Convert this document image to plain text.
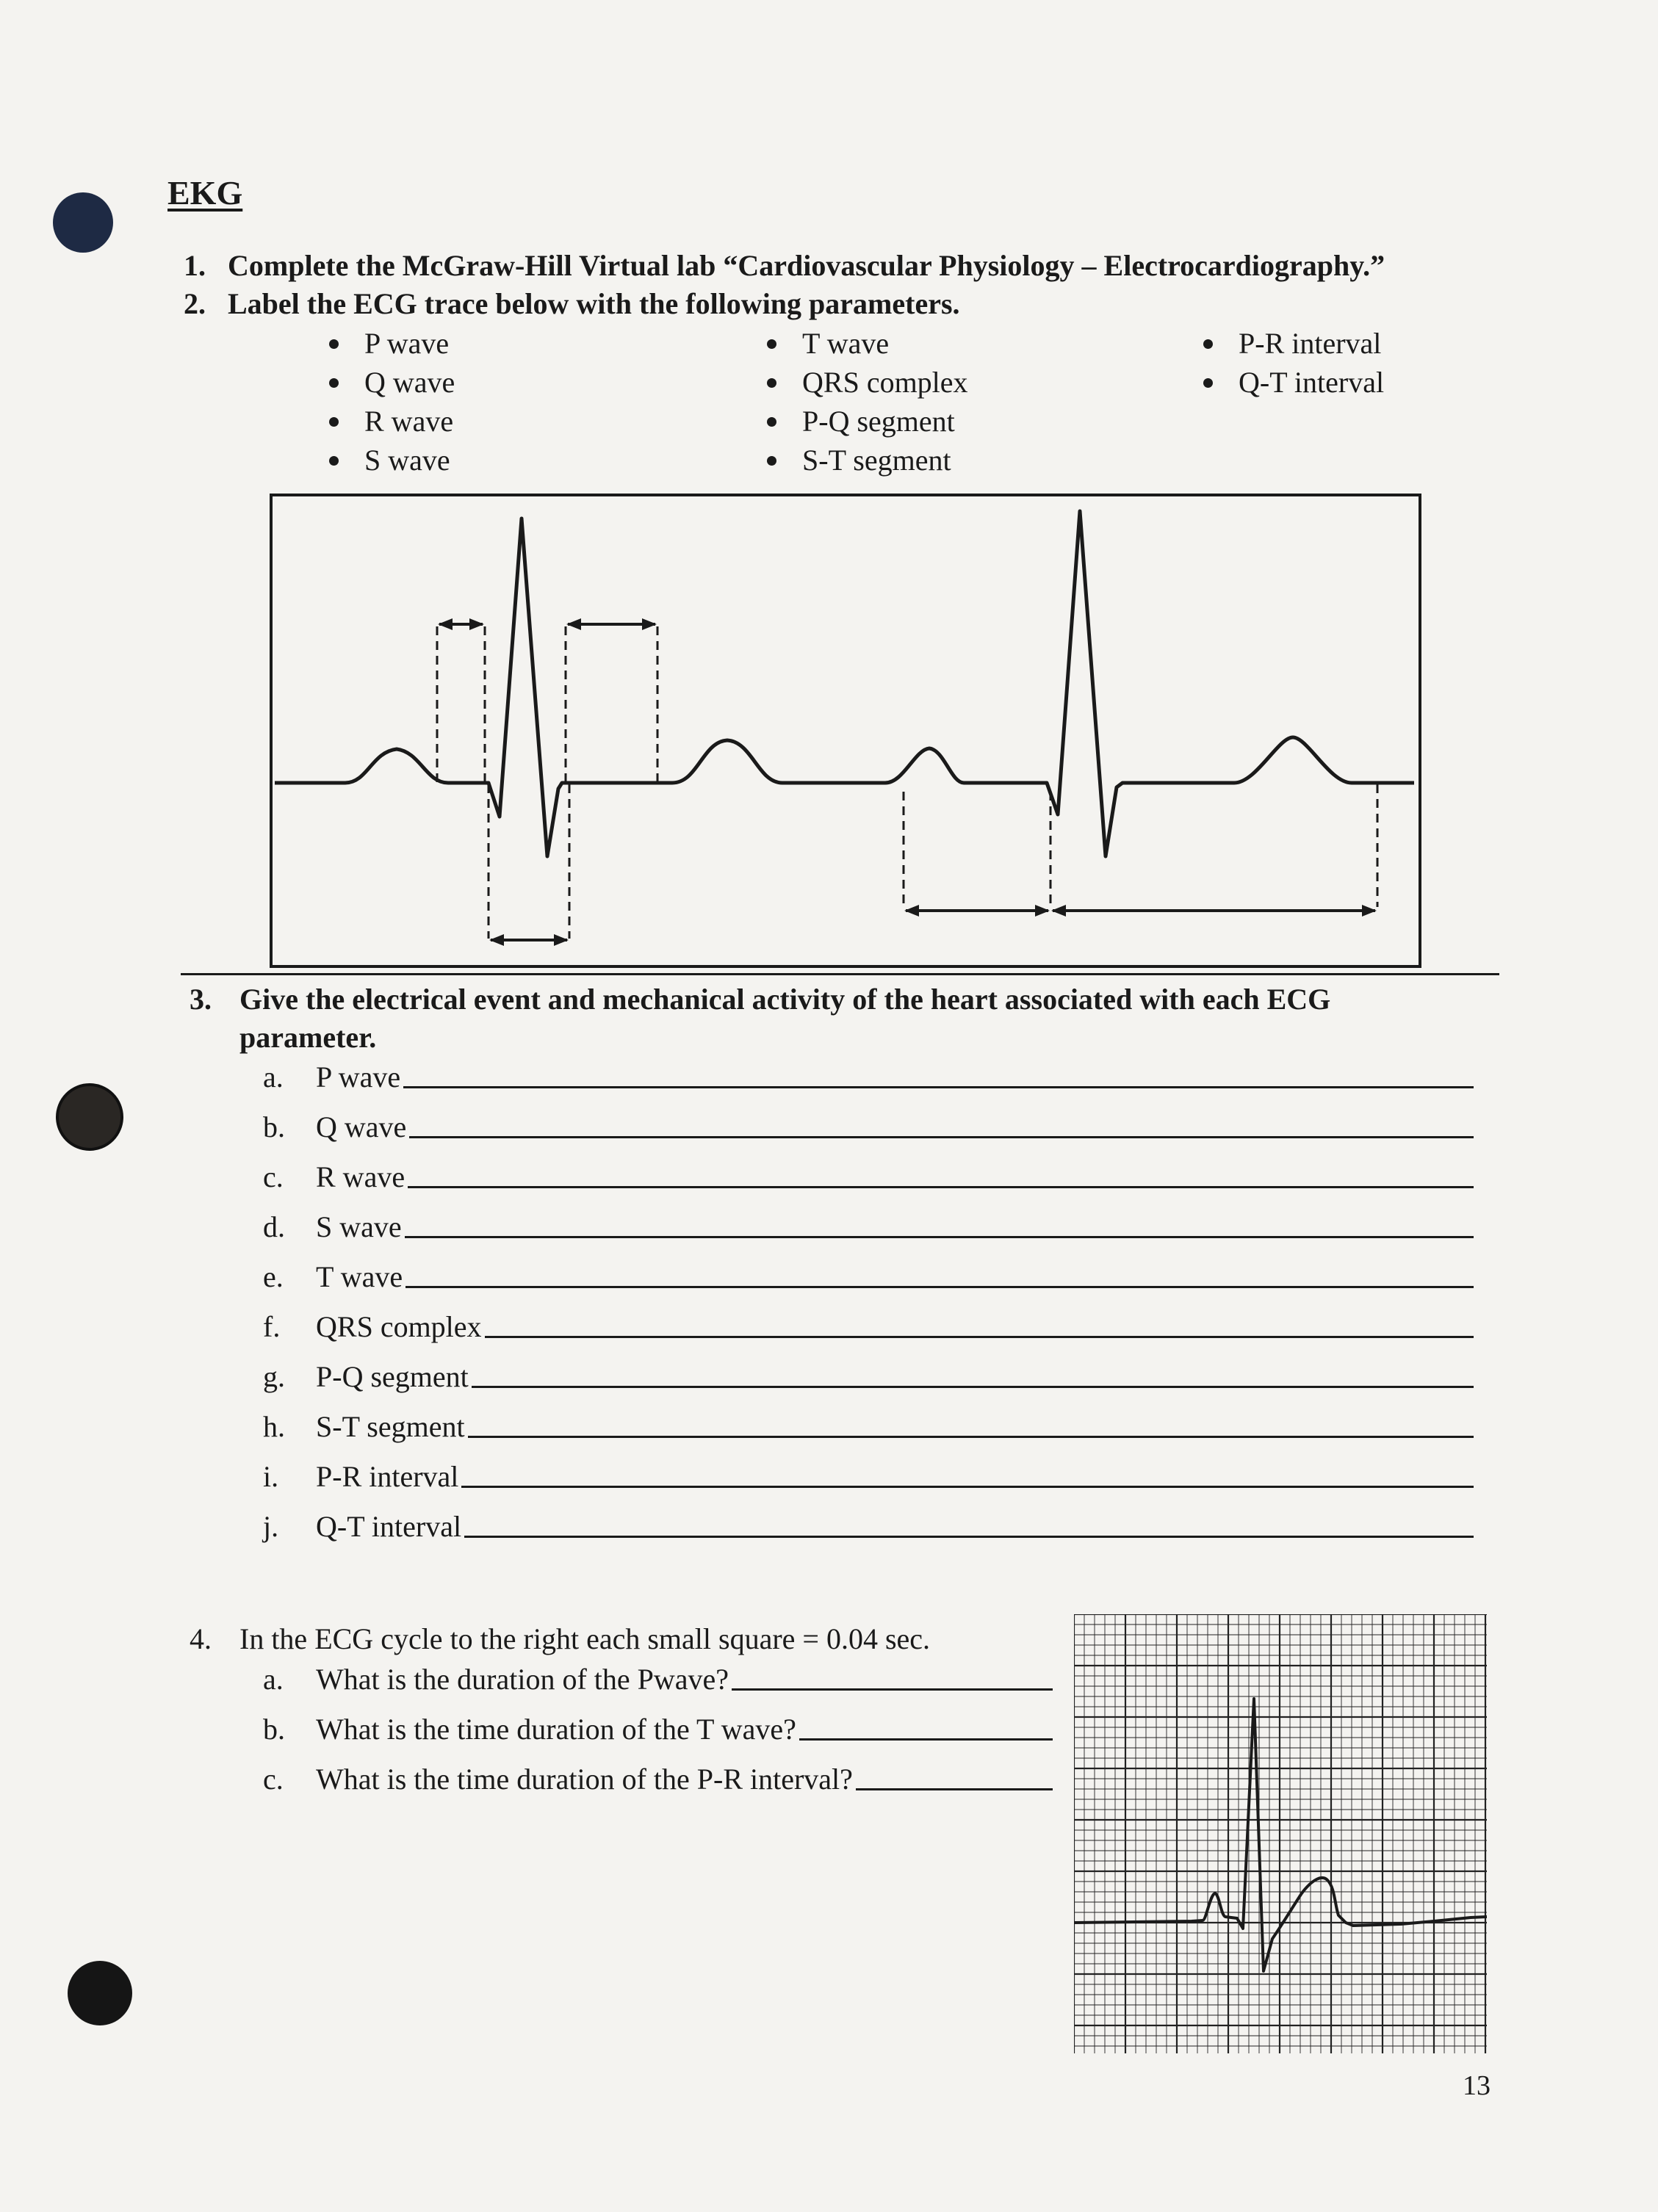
EKG
1. Complete the McGraw-Hill Virtual lab “Cardiovascular Physiology – Electrocardiography.”
2. Label the ECG trace below with the following parameters.
P wave
Q wave
R wave
S wave
T wave
QRS complex
P-Q segment
S-T segment
P-R interval
Q-T interval
3. Give the electrical event and mechanical activity of the heart associated with each ECG
parameter.
a.	P wave
b.	Q wave
c.	R wave
d.	S wave
e.	T wave
f.	QRS complex
g.	P-Q segment
h.	S-T segment
i.	P-R interval
j.	Q-T interval
4. In the ECG cycle to the right each small square = 0.04 sec.
a.	What is the duration of the Pwave?
b.	What is the time duration of the T wave?
c.	What is the time duration of the P-R interval?
13
